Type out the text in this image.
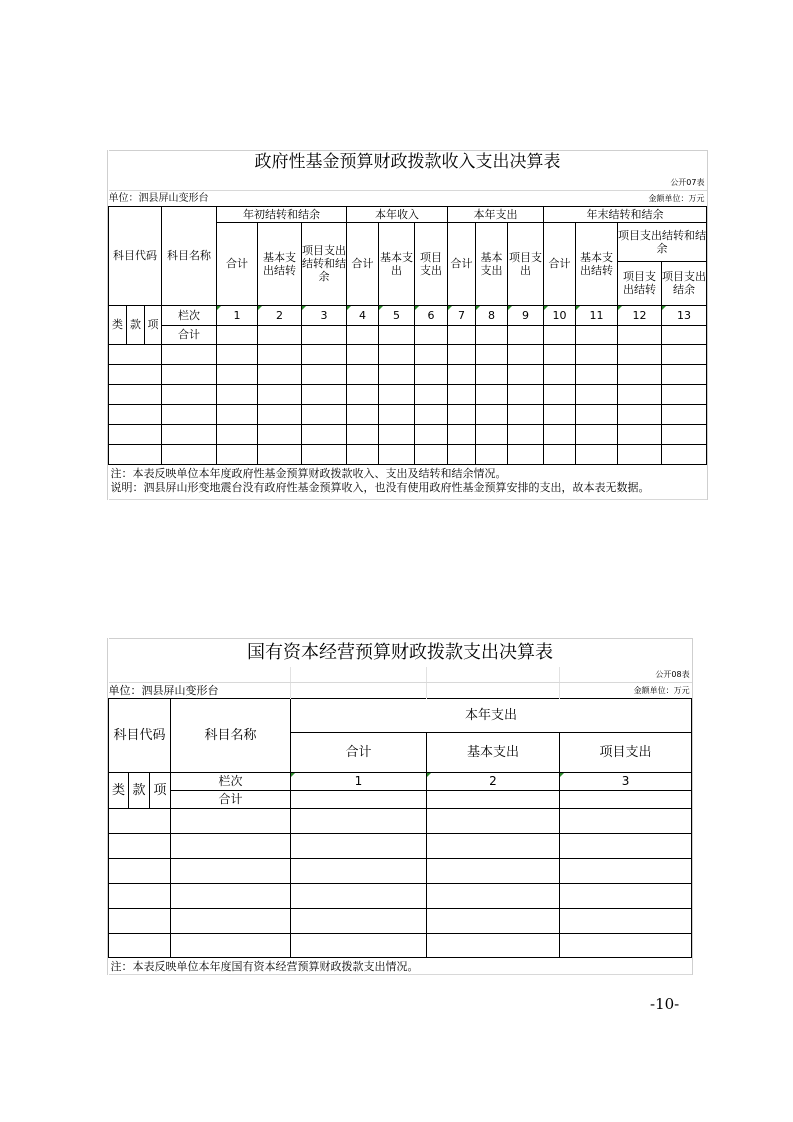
政府性基金预算财政拨款收入支出决算表																
公开07表																
单位：泗县屏山变形台								金额单位：万元								
科目代码			科目名称	年初结转和结余			本年收入			本年支出			年末结转和结余			
				合计	基本支出结转	项目支出结转和结余	合计	基本支出	项目支出	合计	基本支出	项目支出	合计	基本支出结转	项目支出结转和结余	
															项目支出结转	项目支出结余
类	款	项	栏次	1	2	3	4	5	6	7	8	9	10	11	12	13
			合计													

注：本表反映单位本年度政府性基金预算财政拨款收入、支出及结转和结余情况。
说明：泗县屏山形变地震台没有政府性基金预算收入，也没有使用政府性基金预算安排的支出，故本表无数据。																
国有资本经营预算财政拨款支出决算表						
						公开08表
单位：泗县屏山变形台						金额单位：万元
科目代码			科目名称	本年支出		
				合计	基本支出	项目支出
类	款	项	栏次	1	2	3
			合计			

注：本表反映单位本年度国有资本经营预算财政拨款支出情况。						
-10-
